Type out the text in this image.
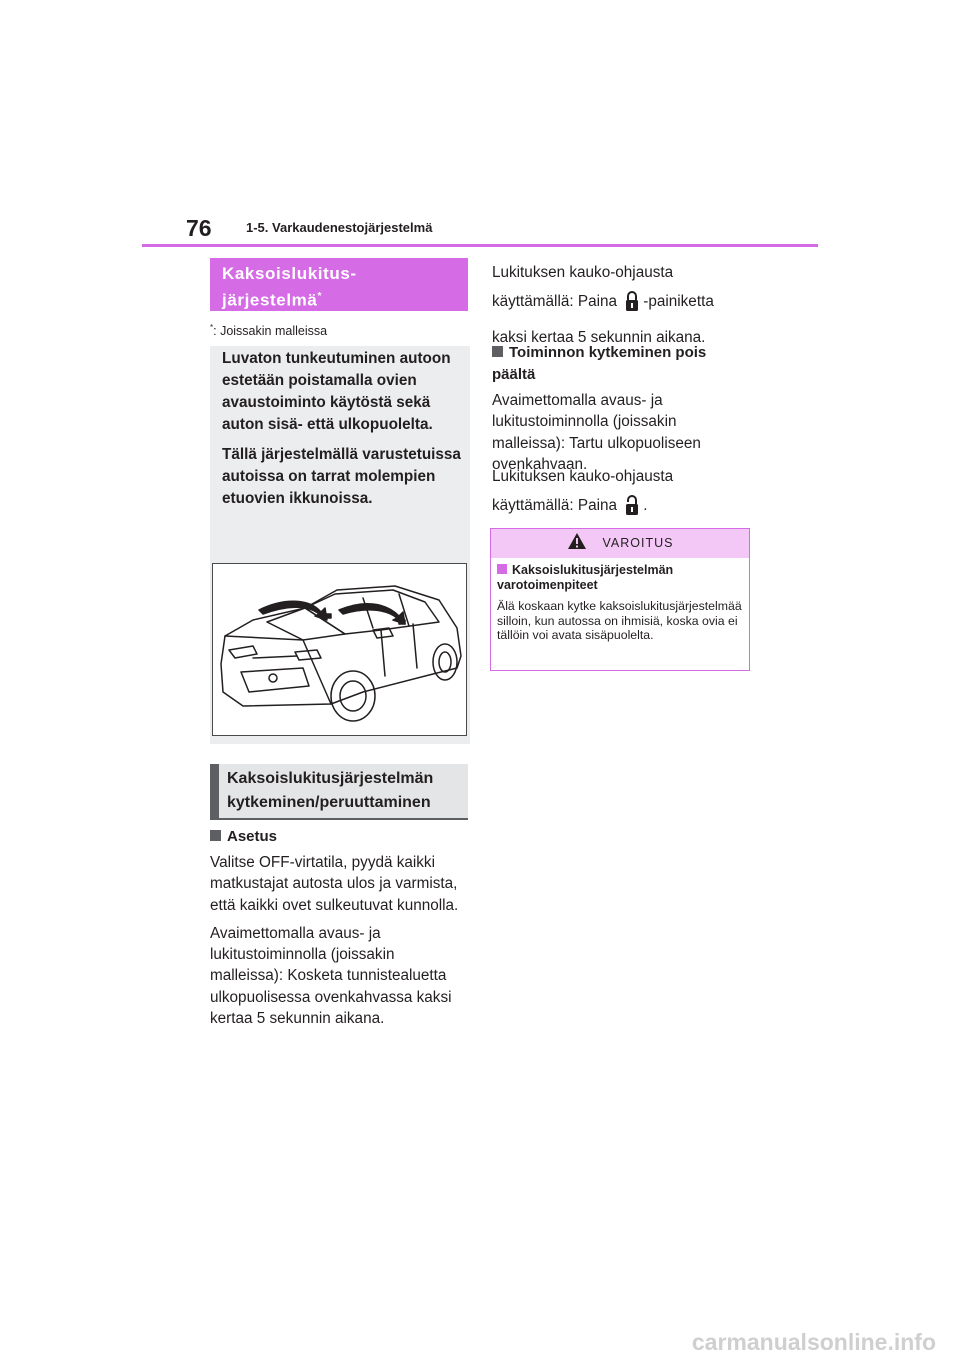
76	1-5. Varkaudenestojärjestelmä
Kaksoislukitus-
järjestelmä*
*: Joissakin malleissa

Luvaton tunkeutuminen autoon estetään poistamalla ovien avaustoiminto käytöstä sekä auton sisä- että ulkopuolelta.

Tällä järjestelmällä varustetuissa autoissa on tarrat molempien etuovien ikkunoissa.

Kaksoislukitusjärjestelmän kytkeminen/peruuttaminen
Asetus

Valitse OFF-virtatila, pyydä kaikki matkustajat autosta ulos ja varmista, että kaikki ovet sulkeutuvat kunnolla.

Avaimettomalla avaus- ja lukitustoiminnolla (joissakin malleissa): Kosketa tunnistealuetta ulkopuolisessa ovenkahvassa kaksi kertaa 5 sekunnin aikana.

Lukituksen kauko-ohjausta käyttämällä: Paina -painiketta kaksi kertaa 5 sekunnin aikana.
Toiminnon kytkeminen pois päältä

Avaimettomalla avaus- ja lukitustoiminnolla (joissakin malleissa): Tartu ulkopuoliseen ovenkahvaan.

Lukituksen kauko-ohjausta käyttämällä: Paina .
VAROITUS
Kaksoislukitusjärjestelmän varotoimenpiteet
Älä koskaan kytke kaksoislukitusjärjestelmää silloin, kun autossa on ihmisiä, koska ovia ei tällöin voi avata sisäpuolelta.
carmanualsonline.info
